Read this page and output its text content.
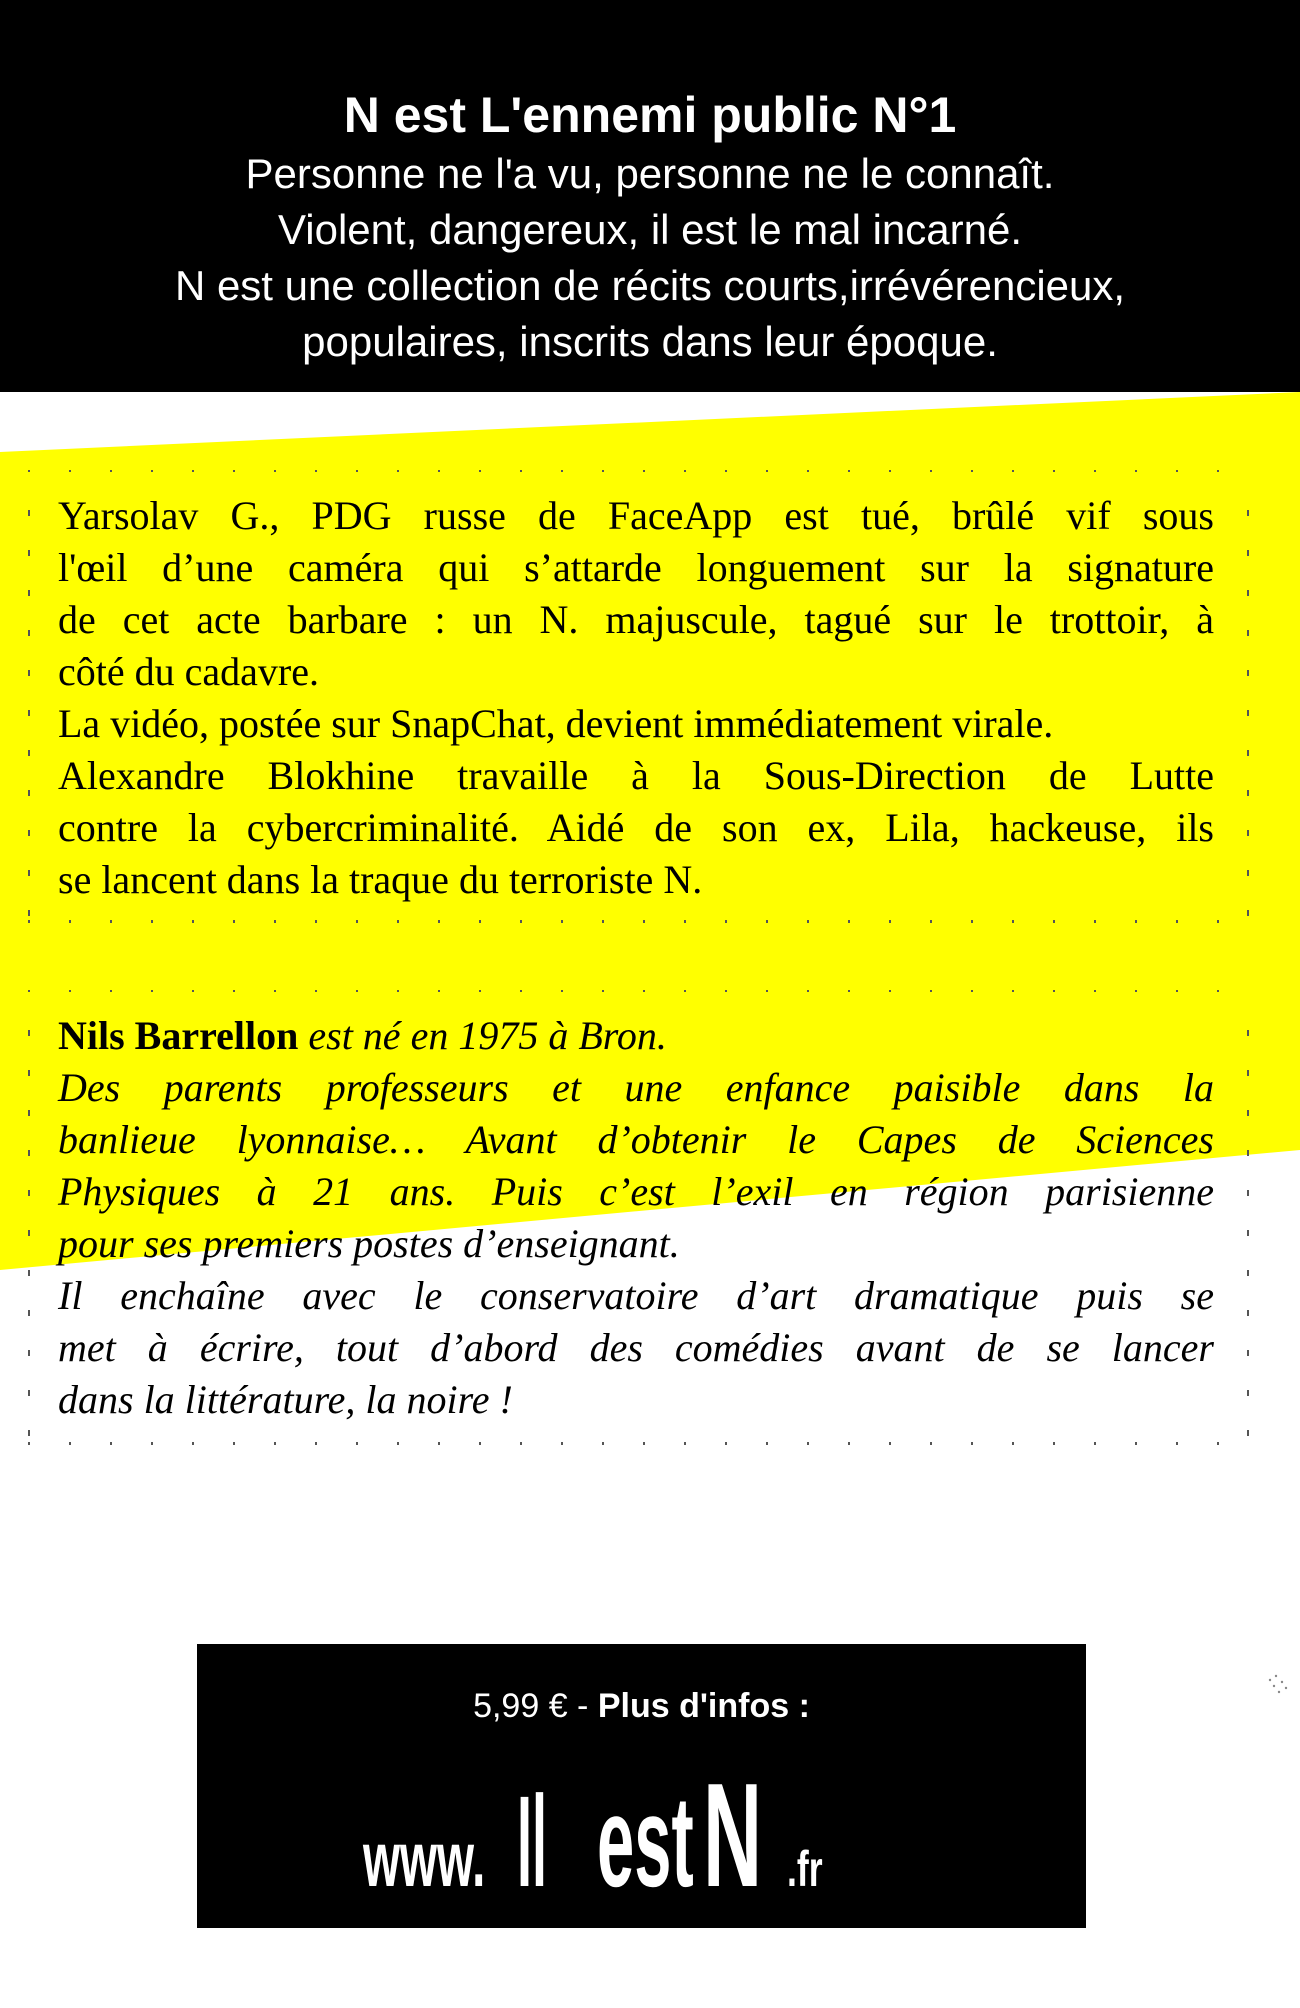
N est L'ennemi public N°1
Personne ne l'a vu, personne ne le connaît.
Violent, dangereux, il est le mal incarné.
N est une collection de récits courts,irrévérencieux,
populaires, inscrits dans leur époque.
Yarsolav G., PDG russe de FaceApp est tué, brûlé vif sous
l'œil d’une caméra qui s’attarde longuement sur la signature
de cet acte barbare : un N. majuscule, tagué sur le trottoir, à
côté du cadavre.
La vidéo, postée sur SnapChat, devient immédiatement virale.
Alexandre Blokhine travaille à la Sous-Direction de Lutte
contre la cybercriminalité. Aidé de son ex, Lila, hackeuse, ils
se lancent dans la traque du terroriste N.
Nils Barrellon est né en 1975 à Bron.
Des parents professeurs et une enfance paisible dans la
banlieue lyonnaise… Avant d’obtenir le Capes de Sciences
Physiques à 21 ans. Puis c’est l’exil en région parisienne
pour ses premiers postes d’enseignant.
Il enchaîne avec le conservatoire d’art dramatique puis se
met à écrire, tout d’abord des comédies avant de se lancer
dans la littérature, la noire !
5,99 € - Plus d'infos :
www. Il est N .fr
